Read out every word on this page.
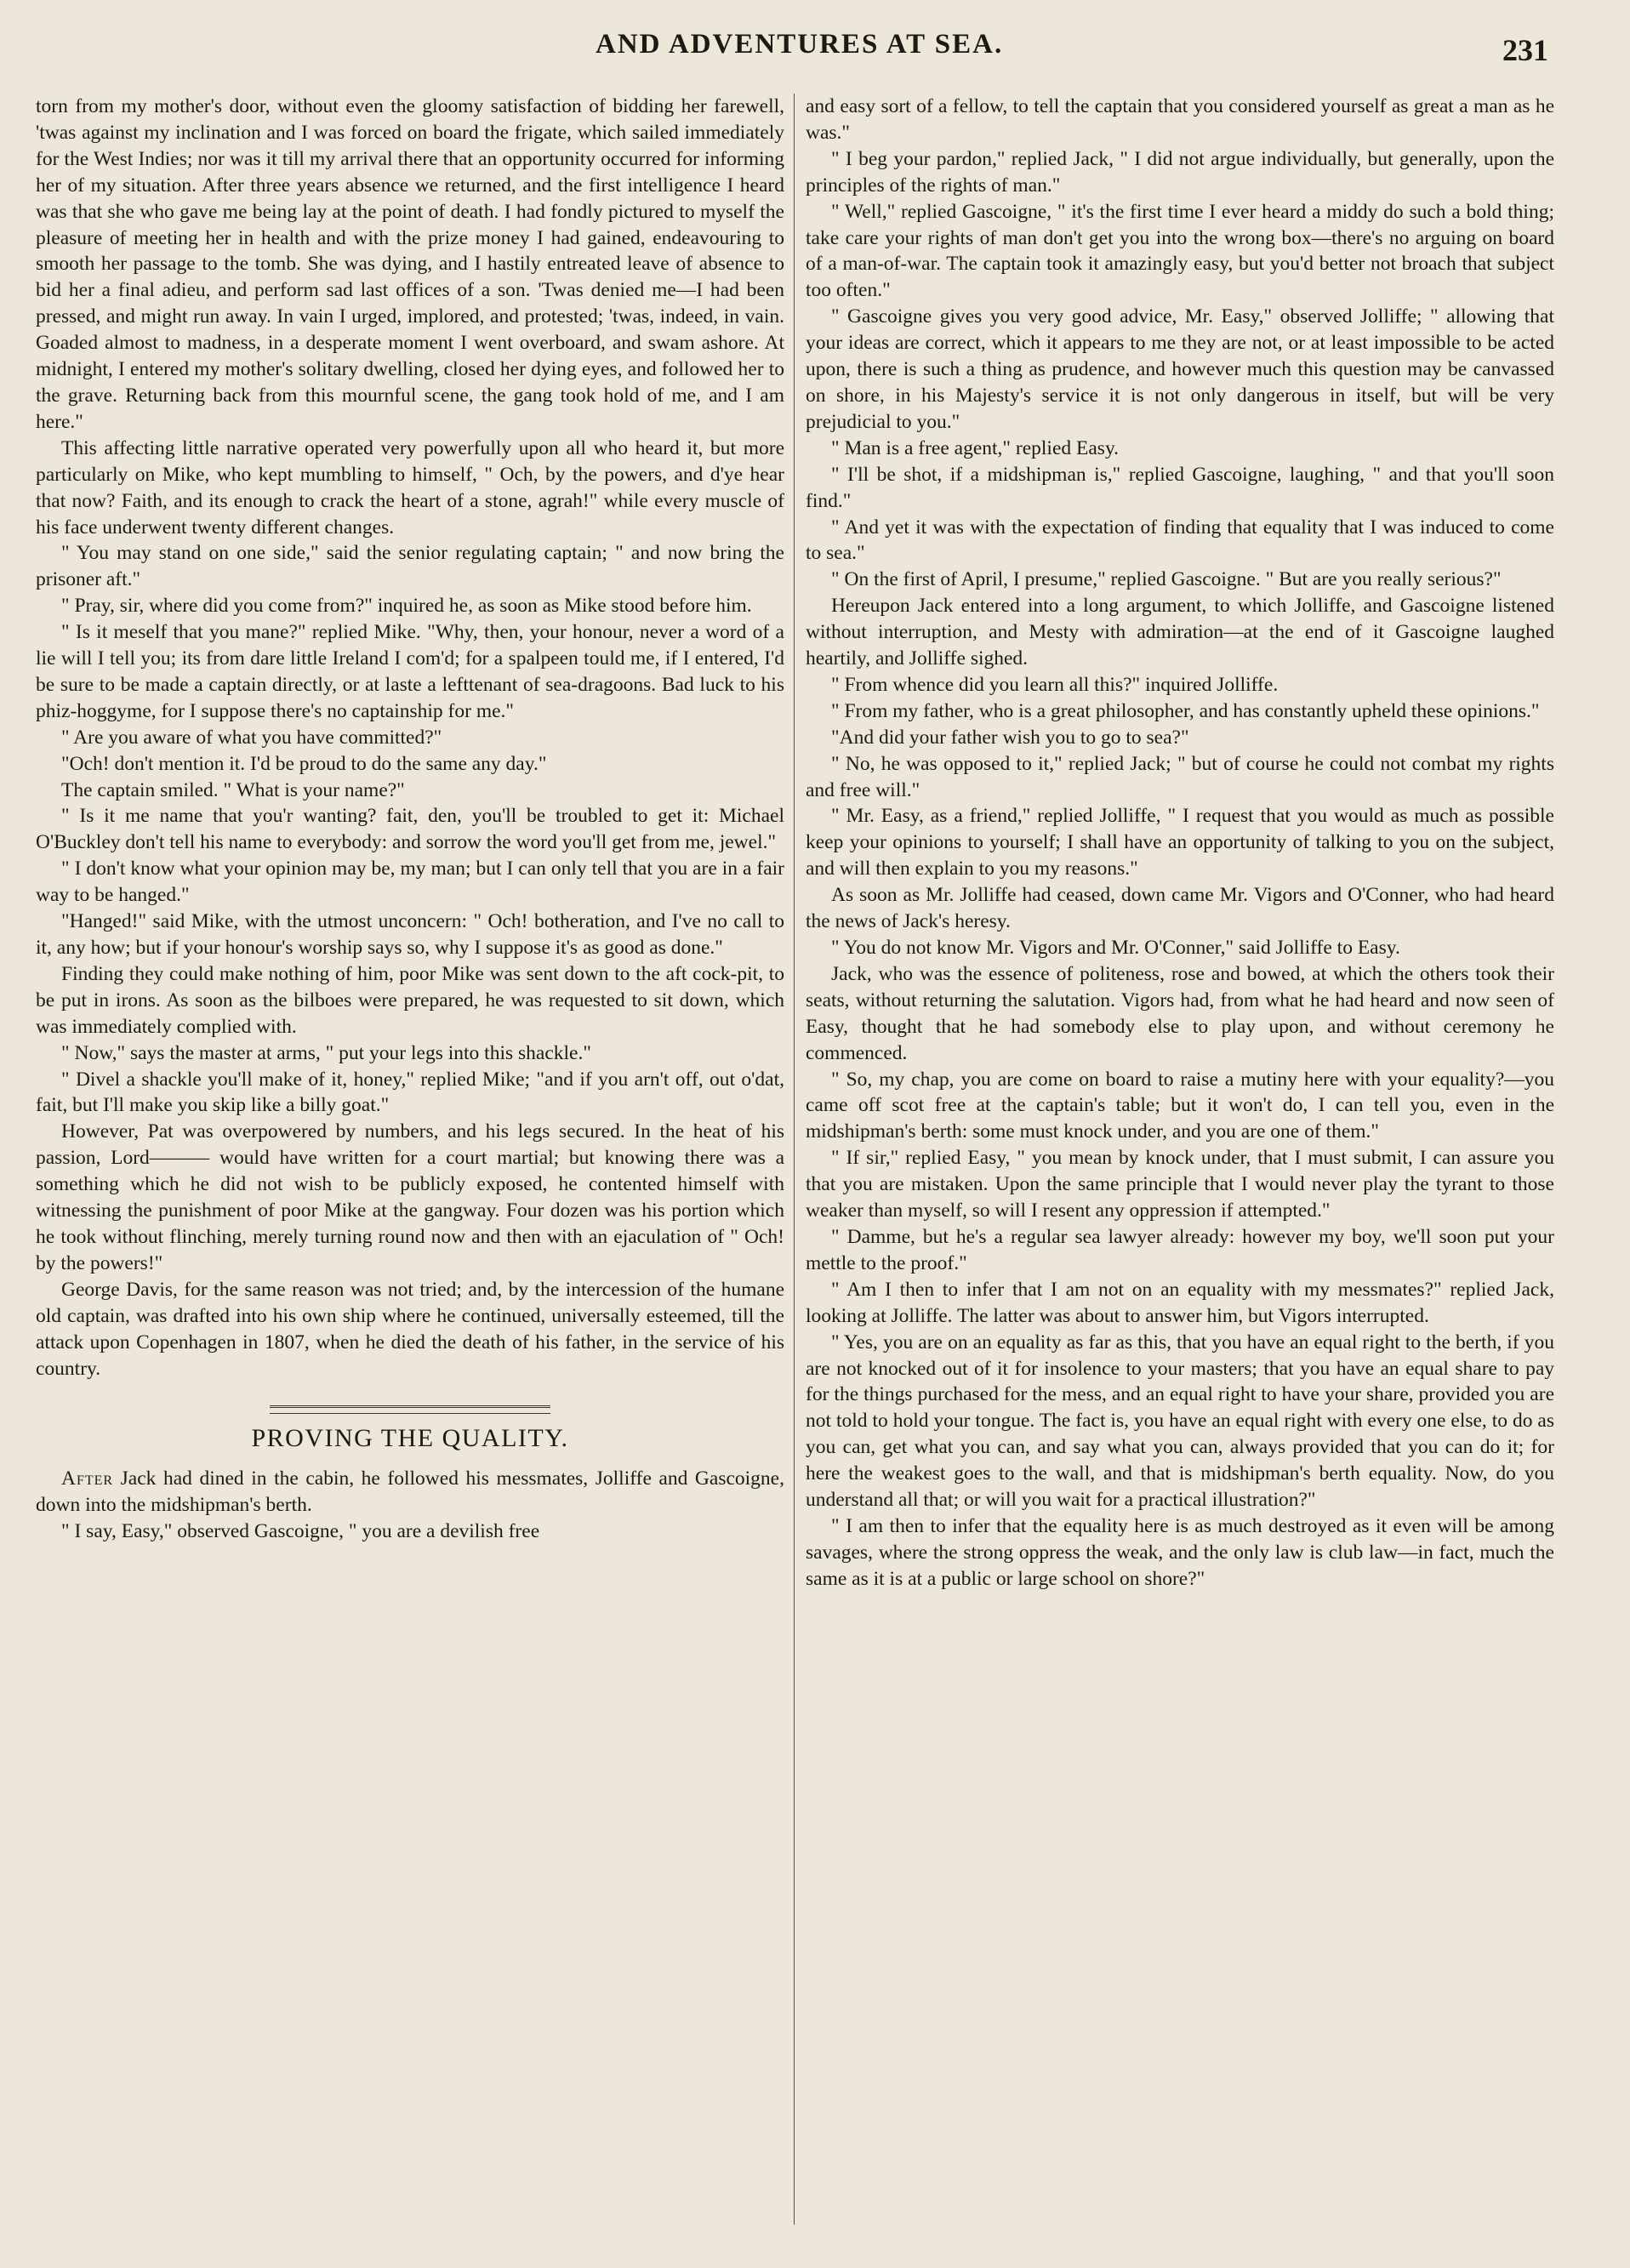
AND ADVENTURES AT SEA.	231

torn from my mother's door, without even the gloomy satisfaction of bidding her farewell, 'twas against my inclination and I was forced on board the frigate, which sailed immediately for the West Indies; nor was it till my arrival there that an opportunity occurred for informing her of my situation. After three years absence we returned, and the first intelligence I heard was that she who gave me being lay at the point of death. I had fondly pictured to myself the pleasure of meeting her in health and with the prize money I had gained, endeavouring to smooth her passage to the tomb. She was dying, and I hastily entreated leave of absence to bid her a final adieu, and perform sad last offices of a son. 'Twas denied me—I had been pressed, and might run away. In vain I urged, implored, and protested; 'twas, indeed, in vain. Goaded almost to madness, in a desperate moment I went overboard, and swam ashore. At midnight, I entered my mother's solitary dwelling, closed her dying eyes, and followed her to the grave. Returning back from this mournful scene, the gang took hold of me, and I am here."

This affecting little narrative operated very powerfully upon all who heard it, but more particularly on Mike, who kept mumbling to himself, " Och, by the powers, and d'ye hear that now? Faith, and its enough to crack the heart of a stone, agrah!" while every muscle of his face underwent twenty different changes.

" You may stand on one side," said the senior regulating captain; " and now bring the prisoner aft."

" Pray, sir, where did you come from?" inquired he, as soon as Mike stood before him.

" Is it meself that you mane?" replied Mike. "Why, then, your honour, never a word of a lie will I tell you; its from dare little Ireland I com'd; for a spalpeen tould me, if I entered, I'd be sure to be made a captain directly, or at laste a lefttenant of sea-dragoons. Bad luck to his phiz-hoggyme, for I suppose there's no captainship for me."

" Are you aware of what you have committed?"

"Och! don't mention it. I'd be proud to do the same any day."

The captain smiled. " What is your name?"

" Is it me name that you'r wanting? fait, den, you'll be troubled to get it: Michael O'Buckley don't tell his name to everybody: and sorrow the word you'll get from me, jewel."

" I don't know what your opinion may be, my man; but I can only tell that you are in a fair way to be hanged."

"Hanged!" said Mike, with the utmost unconcern: " Och! botheration, and I've no call to it, any how; but if your honour's worship says so, why I suppose it's as good as done."

Finding they could make nothing of him, poor Mike was sent down to the aft cock-pit, to be put in irons. As soon as the bilboes were prepared, he was requested to sit down, which was immediately complied with.

" Now," says the master at arms, " put your legs into this shackle."

" Divel a shackle you'll make of it, honey," replied Mike; "and if you arn't off, out o'dat, fait, but I'll make you skip like a billy goat."

However, Pat was overpowered by numbers, and his legs secured. In the heat of his passion, Lord——— would have written for a court martial; but knowing there was a something which he did not wish to be publicly exposed, he contented himself with witnessing the punishment of poor Mike at the gangway. Four dozen was his portion which he took without flinching, merely turning round now and then with an ejaculation of " Och! by the powers!"

George Davis, for the same reason was not tried; and, by the intercession of the humane old captain, was drafted into his own ship where he continued, universally esteemed, till the attack upon Copenhagen in 1807, when he died the death of his father, in the service of his country.

PROVING THE QUALITY.

After Jack had dined in the cabin, he followed his messmates, Jolliffe and Gascoigne, down into the midshipman's berth.

" I say, Easy," observed Gascoigne, " you are a devilish free

and easy sort of a fellow, to tell the captain that you considered yourself as great a man as he was."

" I beg your pardon," replied Jack, " I did not argue individually, but generally, upon the principles of the rights of man."

" Well," replied Gascoigne, " it's the first time I ever heard a middy do such a bold thing; take care your rights of man don't get you into the wrong box—there's no arguing on board of a man-of-war. The captain took it amazingly easy, but you'd better not broach that subject too often."

" Gascoigne gives you very good advice, Mr. Easy," observed Jolliffe; " allowing that your ideas are correct, which it appears to me they are not, or at least impossible to be acted upon, there is such a thing as prudence, and however much this question may be canvassed on shore, in his Majesty's service it is not only dangerous in itself, but will be very prejudicial to you."

" Man is a free agent," replied Easy.

" I'll be shot, if a midshipman is," replied Gascoigne, laughing, " and that you'll soon find."

" And yet it was with the expectation of finding that equality that I was induced to come to sea."

" On the first of April, I presume," replied Gascoigne. " But are you really serious?"

Hereupon Jack entered into a long argument, to which Jolliffe, and Gascoigne listened without interruption, and Mesty with admiration—at the end of it Gascoigne laughed heartily, and Jolliffe sighed.

" From whence did you learn all this?" inquired Jolliffe.

" From my father, who is a great philosopher, and has constantly upheld these opinions."

"And did your father wish you to go to sea?"

" No, he was opposed to it," replied Jack; " but of course he could not combat my rights and free will."

" Mr. Easy, as a friend," replied Jolliffe, " I request that you would as much as possible keep your opinions to yourself; I shall have an opportunity of talking to you on the subject, and will then explain to you my reasons."

As soon as Mr. Jolliffe had ceased, down came Mr. Vigors and O'Conner, who had heard the news of Jack's heresy.

" You do not know Mr. Vigors and Mr. O'Conner," said Jolliffe to Easy.

Jack, who was the essence of politeness, rose and bowed, at which the others took their seats, without returning the salutation. Vigors had, from what he had heard and now seen of Easy, thought that he had somebody else to play upon, and without ceremony he commenced.

" So, my chap, you are come on board to raise a mutiny here with your equality?—you came off scot free at the captain's table; but it won't do, I can tell you, even in the midshipman's berth: some must knock under, and you are one of them."

" If sir," replied Easy, " you mean by knock under, that I must submit, I can assure you that you are mistaken. Upon the same principle that I would never play the tyrant to those weaker than myself, so will I resent any oppression if attempted."

" Damme, but he's a regular sea lawyer already: however my boy, we'll soon put your mettle to the proof."

" Am I then to infer that I am not on an equality with my messmates?" replied Jack, looking at Jolliffe. The latter was about to answer him, but Vigors interrupted.

" Yes, you are on an equality as far as this, that you have an equal right to the berth, if you are not knocked out of it for insolence to your masters; that you have an equal share to pay for the things purchased for the mess, and an equal right to have your share, provided you are not told to hold your tongue. The fact is, you have an equal right with every one else, to do as you can, get what you can, and say what you can, always provided that you can do it; for here the weakest goes to the wall, and that is midshipman's berth equality. Now, do you understand all that; or will you wait for a practical illustration?"

" I am then to infer that the equality here is as much destroyed as it even will be among savages, where the strong oppress the weak, and the only law is club law—in fact, much the same as it is at a public or large school on shore?"
